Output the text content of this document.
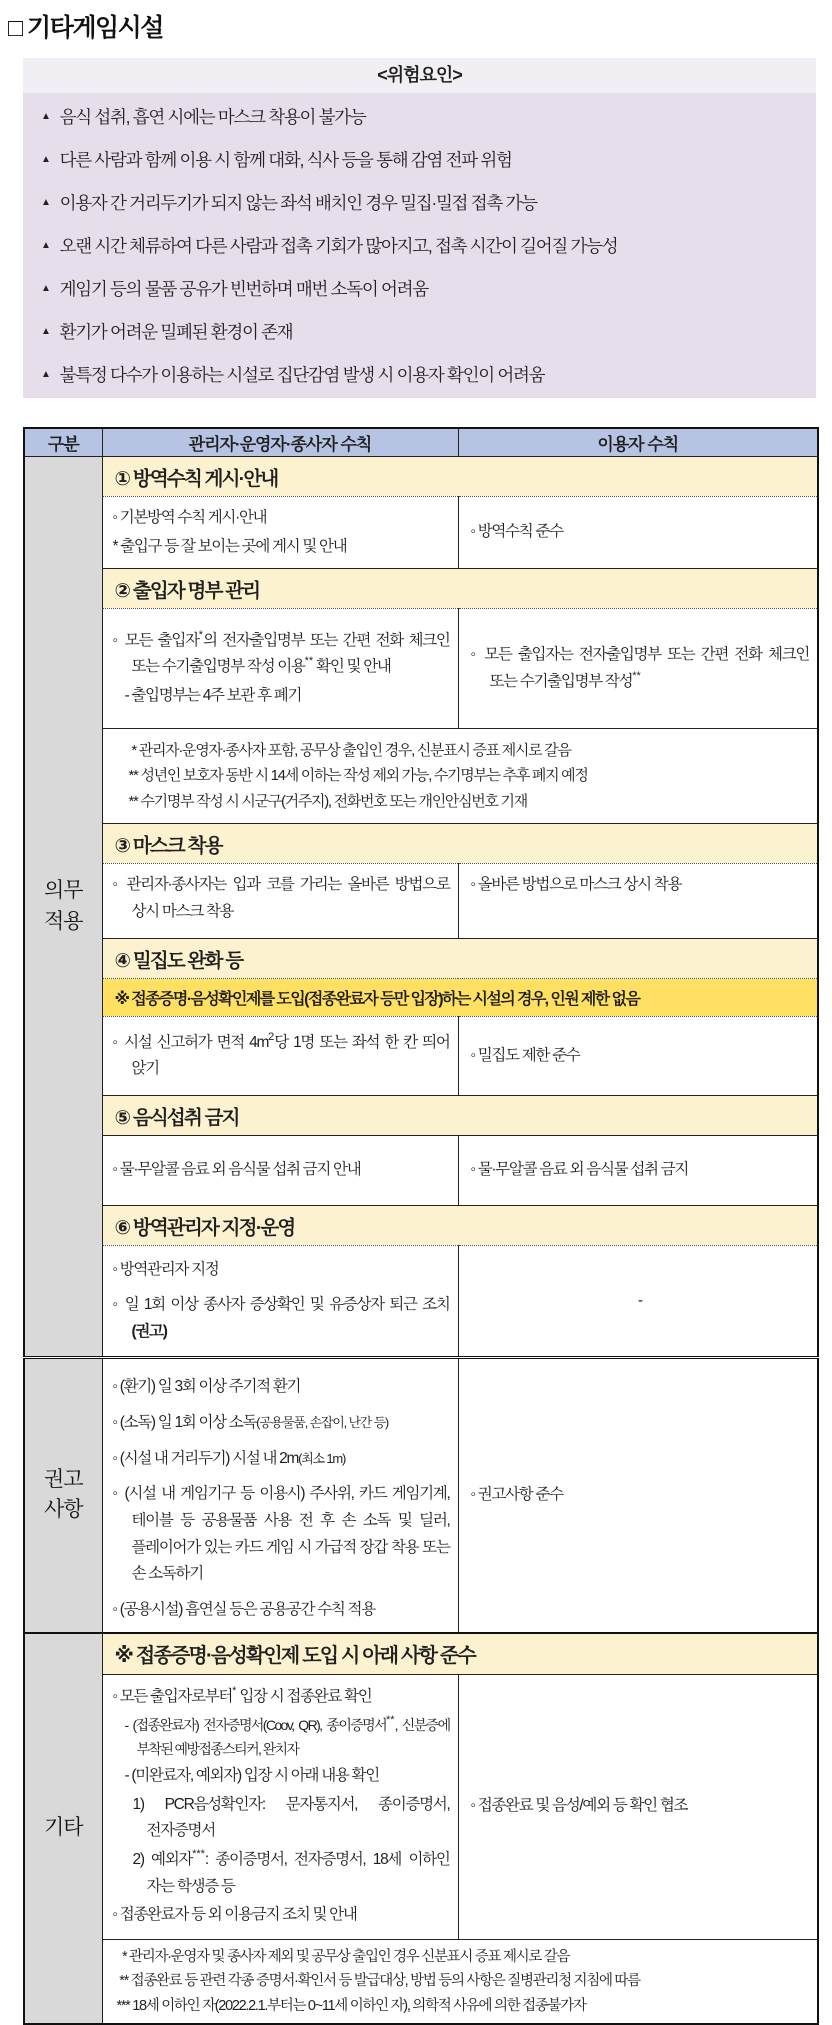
□ 기타게임시설
<위험요인>
▲ 음식 섭취, 흡연 시에는 마스크 착용이 불가능
▲ 다른 사람과 함께 이용 시 함께 대화, 식사 등을 통해 감염 전파 위험
▲ 이용자 간 거리두기가 되지 않는 좌석 배치인 경우 밀집·밀접 접촉 가능
▲ 오랜 시간 체류하여 다른 사람과 접촉 기회가 많아지고, 접촉 시간이 길어질 가능성
▲ 게임기 등의 물품 공유가 빈번하며 매번 소독이 어려움
▲ 환기가 어려운 밀폐된 환경이 존재
▲ 불특정 다수가 이용하는 시설로 집단감염 발생 시 이용자 확인이 어려움
구분	관리자·운영자·종사자 수칙	이용자 수칙

의무
적용	① 방역수칙 게시·안내	

	◦ 기본방역 수칙 게시·안내
* 출입구 등 잘 보이는 곳에 게시 및 안내	◦ 방역수칙 준수
	② 출입자 명부 관리	

	◦ 모든 출입자*의 전자출입명부 또는 간편 전화 체크인 또는 수기출입명부 작성 이용** 확인 및 안내
- 출입명부는 4주 보관 후 폐기	◦ 모든 출입자는 전자출입명부 또는 간편 전화 체크인 또는 수기출입명부 작성**

	* 관리자·운영자·종사자 포함, 공무상 출입인 경우, 신분표시 증표 제시로 갈음
** 성년인 보호자 동반 시 14세 이하는 작성 제외 가능, 수기명부는 추후 폐지 예정
** 수기명부 작성 시 시군구(거주지), 전화번호 또는 개인안심번호 기재	

	③ 마스크 착용	

	◦ 관리자·종사자는 입과 코를 가리는 올바른 방법으로 상시 마스크 착용	◦ 올바른 방법으로 마스크 상시 착용

	④ 밀집도 완화 등	
	※ 접종증명·음성확인제를 도입(접종완료자 등만 입장)하는 시설의 경우, 인원 제한 없음	

	◦ 시설 신고허가 면적 $4m^2$당 1명 또는 좌석 한 칸 띄어 앉기	◦ 밀집도 제한 준수
	⑤ 음식섭취 금지	
	◦ 물·무알콜 음료 외 음식물 섭취 금지 안내	◦ 물·무알콜 음료 외 음식물 섭취 금지
	⑥ 방역관리자 지정·운영	

	◦ 방역관리자 지정
◦ 일 1회 이상 종사자 증상확인 및 유증상자 퇴근 조치(권고)	-

권고
사항

◦ (환기) 일 3회 이상 주기적 환기
◦ (소독) 일 1회 이상 소독(공용물품, 손잡이, 난간 등)
◦ (시설 내 거리두기) 시설 내 2m(최소 1m)
◦ (시설 내 게임기구 등 이용시) 주사위, 카드 게임기계, 테이블 등 공용물품 사용 전 후 손 소독 및 딜러, 플레이어가 있는 카드 게임 시 가급적 장갑 착용 또는 손 소독하기
◦ (공용시설) 흡연실 등은 공용공간 수칙 적용
	◦ 권고사항 준수

기타	※ 접종증명·음성확인제 도입 시 아래 사항 준수	

◦ 모든 출입자로부터* 입장 시 접종완료 확인
- (접종완료자) 전자증명서(Coov, QR), 종이증명서**, 신분증에 부착된 예방접종스티커, 완치자
- (미완료자, 예외자) 입장 시 아래 내용 확인
1) PCR음성확인자: 문자통지서, 종이증명서, 전자증명서
2) 예외자***: 종이증명서, 전자증명서, 18세 이하인 자는 학생증 등
◦ 접종완료자 등 외 이용금지 조치 및 안내
	◦ 접종완료 및 음성/예외 등 확인 협조

	* 관리자·운영자 및 종사자 제외 및 공무상 출입인 경우 신분표시 증표 제시로 갈음
** 접종완료 등 관련 각종 증명서·확인서 등 발급대상, 방법 등의 사항은 질병관리청 지침에 따름
*** 18세 이하인 자(2022.2.1.부터는 0~11세 이하인 자), 의학적 사유에 의한 접종불가자	
